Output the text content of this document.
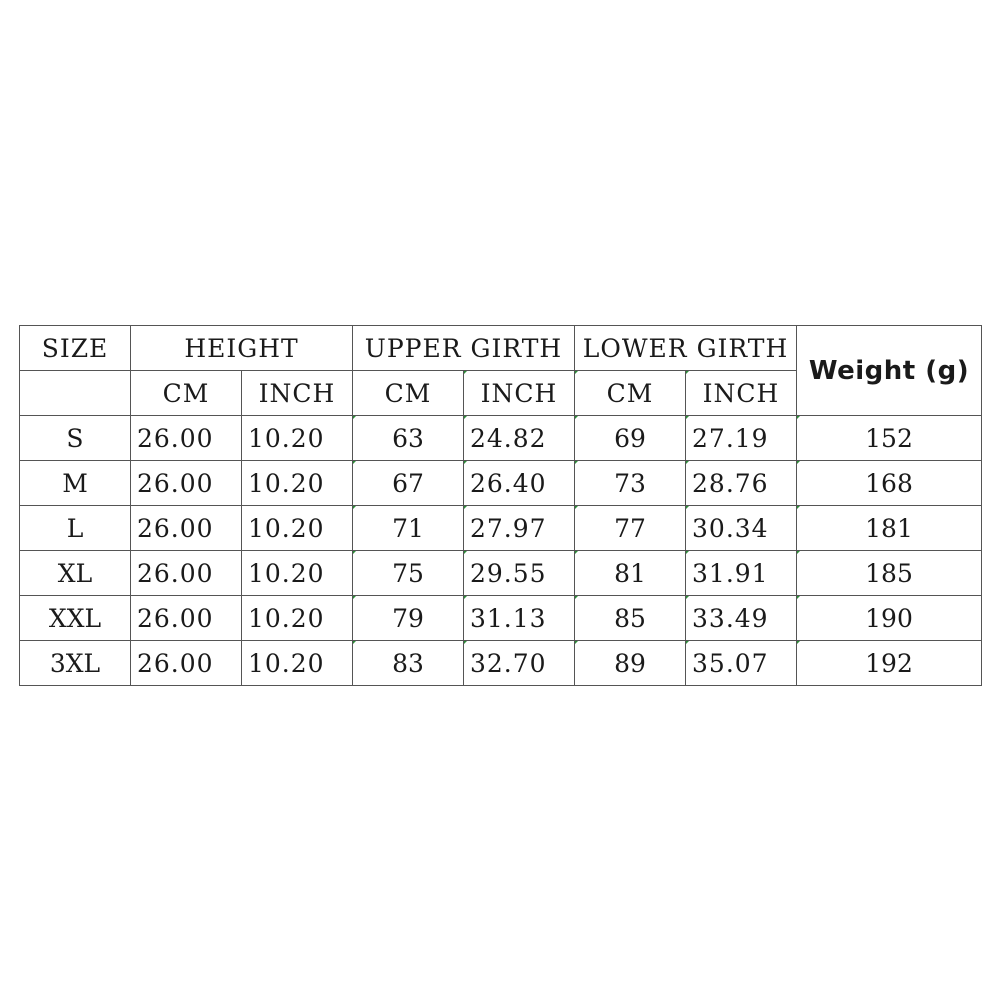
SIZE	HEIGHT		UPPER GIRTH		LOWER GIRTH		Weight (g)
	CM	INCH	CM	INCH	CM	INCH	
S	26.00	10.20	63	24.82	69	27.19	152
M	26.00	10.20	67	26.40	73	28.76	168
L	26.00	10.20	71	27.97	77	30.34	181
XL	26.00	10.20	75	29.55	81	31.91	185
XXL	26.00	10.20	79	31.13	85	33.49	190
3XL	26.00	10.20	83	32.70	89	35.07	192
